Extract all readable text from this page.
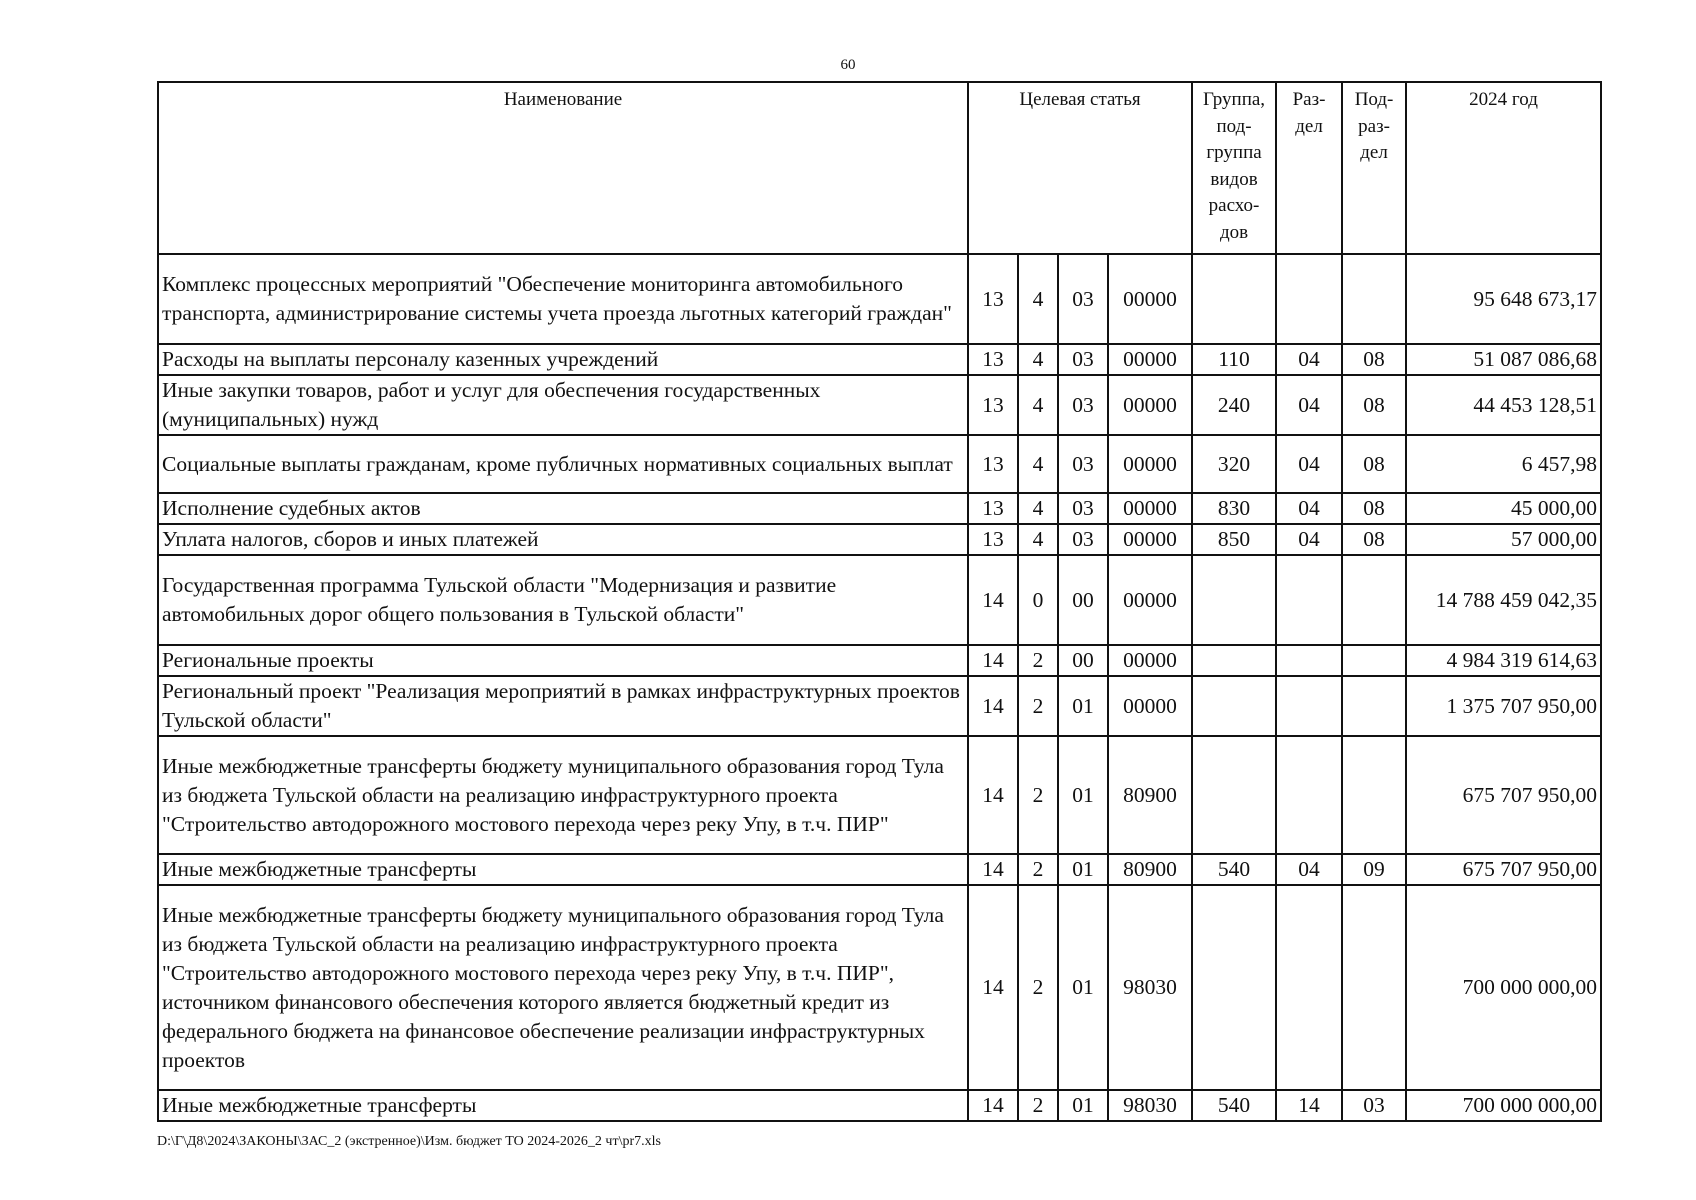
60
Наименование	Целевая статья				Группа, под- группа видов расхо- дов	Раз- дел	Под- раз- дел	2024 год
Комплекс процессных мероприятий "Обеспечение мониторинга автомобильного транспорта, администрирование системы учета проезда льготных категорий граждан"	13	4	03	00000				95 648 673,17
Расходы на выплаты персоналу казенных учреждений	13	4	03	00000	110	04	08	51 087 086,68
Иные закупки товаров, работ и услуг для обеспечения государственных (муниципальных) нужд	13	4	03	00000	240	04	08	44 453 128,51
Социальные выплаты гражданам, кроме публичных нормативных социальных выплат	13	4	03	00000	320	04	08	6 457,98
Исполнение судебных актов	13	4	03	00000	830	04	08	45 000,00
Уплата налогов, сборов и иных платежей	13	4	03	00000	850	04	08	57 000,00
Государственная программа Тульской области "Модернизация и развитие автомобильных дорог общего пользования в Тульской области"	14	0	00	00000				14 788 459 042,35
Региональные проекты	14	2	00	00000				4 984 319 614,63
Региональный проект "Реализация мероприятий в рамках инфраструктурных проектов Тульской области"	14	2	01	00000				1 375 707 950,00
Иные межбюджетные трансферты бюджету муниципального образования город Тула из бюджета Тульской области на реализацию инфраструктурного проекта "Строительство автодорожного мостового перехода через реку Упу, в т.ч. ПИР"	14	2	01	80900				675 707 950,00
Иные межбюджетные трансферты	14	2	01	80900	540	04	09	675 707 950,00
Иные межбюджетные трансферты бюджету муниципального образования город Тула из бюджета Тульской области на реализацию инфраструктурного проекта "Строительство автодорожного мостового перехода через реку Упу, в т.ч. ПИР", источником финансового обеспечения которого является бюджетный кредит из федерального бюджета на финансовое обеспечение реализации инфраструктурных проектов	14	2	01	98030				700 000 000,00
Иные межбюджетные трансферты	14	2	01	98030	540	14	03	700 000 000,00
D:\Г\Д8\2024\ЗАКОНЫ\ЗАС_2 (экстренное)\Изм. бюджет ТО 2024-2026_2 чт\pr7.xls
